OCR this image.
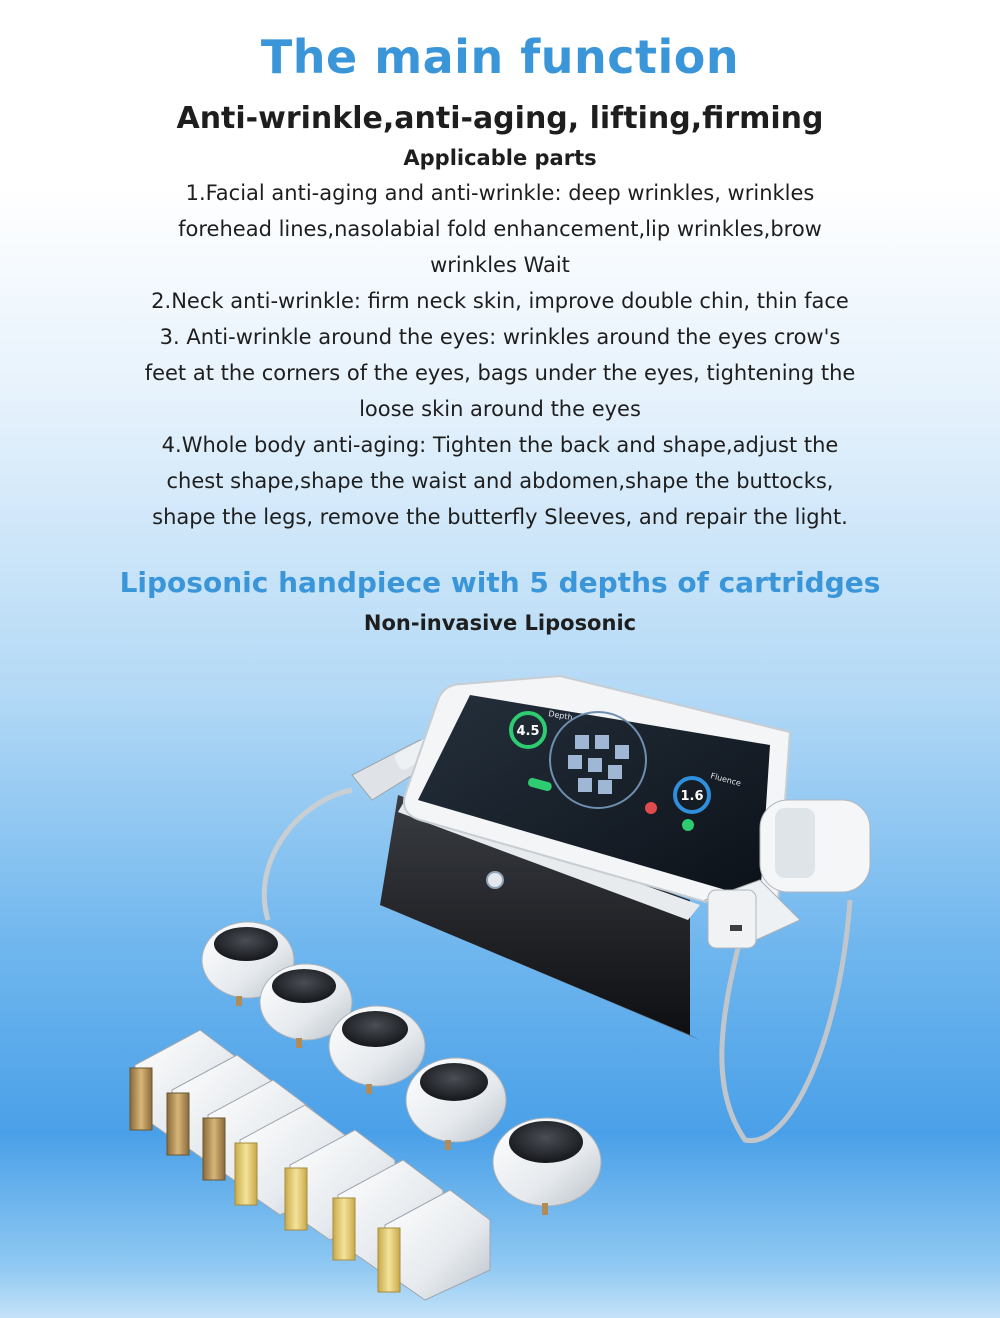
The main function
Anti-wrinkle,anti-aging, lifting,firming
Applicable parts
1.Facial anti-aging and anti-wrinkle: deep wrinkles, wrinkles
forehead lines,nasolabial fold enhancement,lip wrinkles,brow
wrinkles Wait
2.Neck anti-wrinkle: firm neck skin, improve double chin, thin face
3. Anti-wrinkle around the eyes: wrinkles around the eyes crow's
feet at the corners of the eyes, bags under the eyes, tightening the
loose skin around the eyes
4.Whole body anti-aging: Tighten the back and shape,adjust the
chest shape,shape the waist and abdomen,shape the buttocks,
shape the legs, remove the butterfly Sleeves, and repair the light.
Liposonic handpiece with 5 depths of cartridges
Non-invasive Liposonic
4.5
Depth
1.6
Fluence
